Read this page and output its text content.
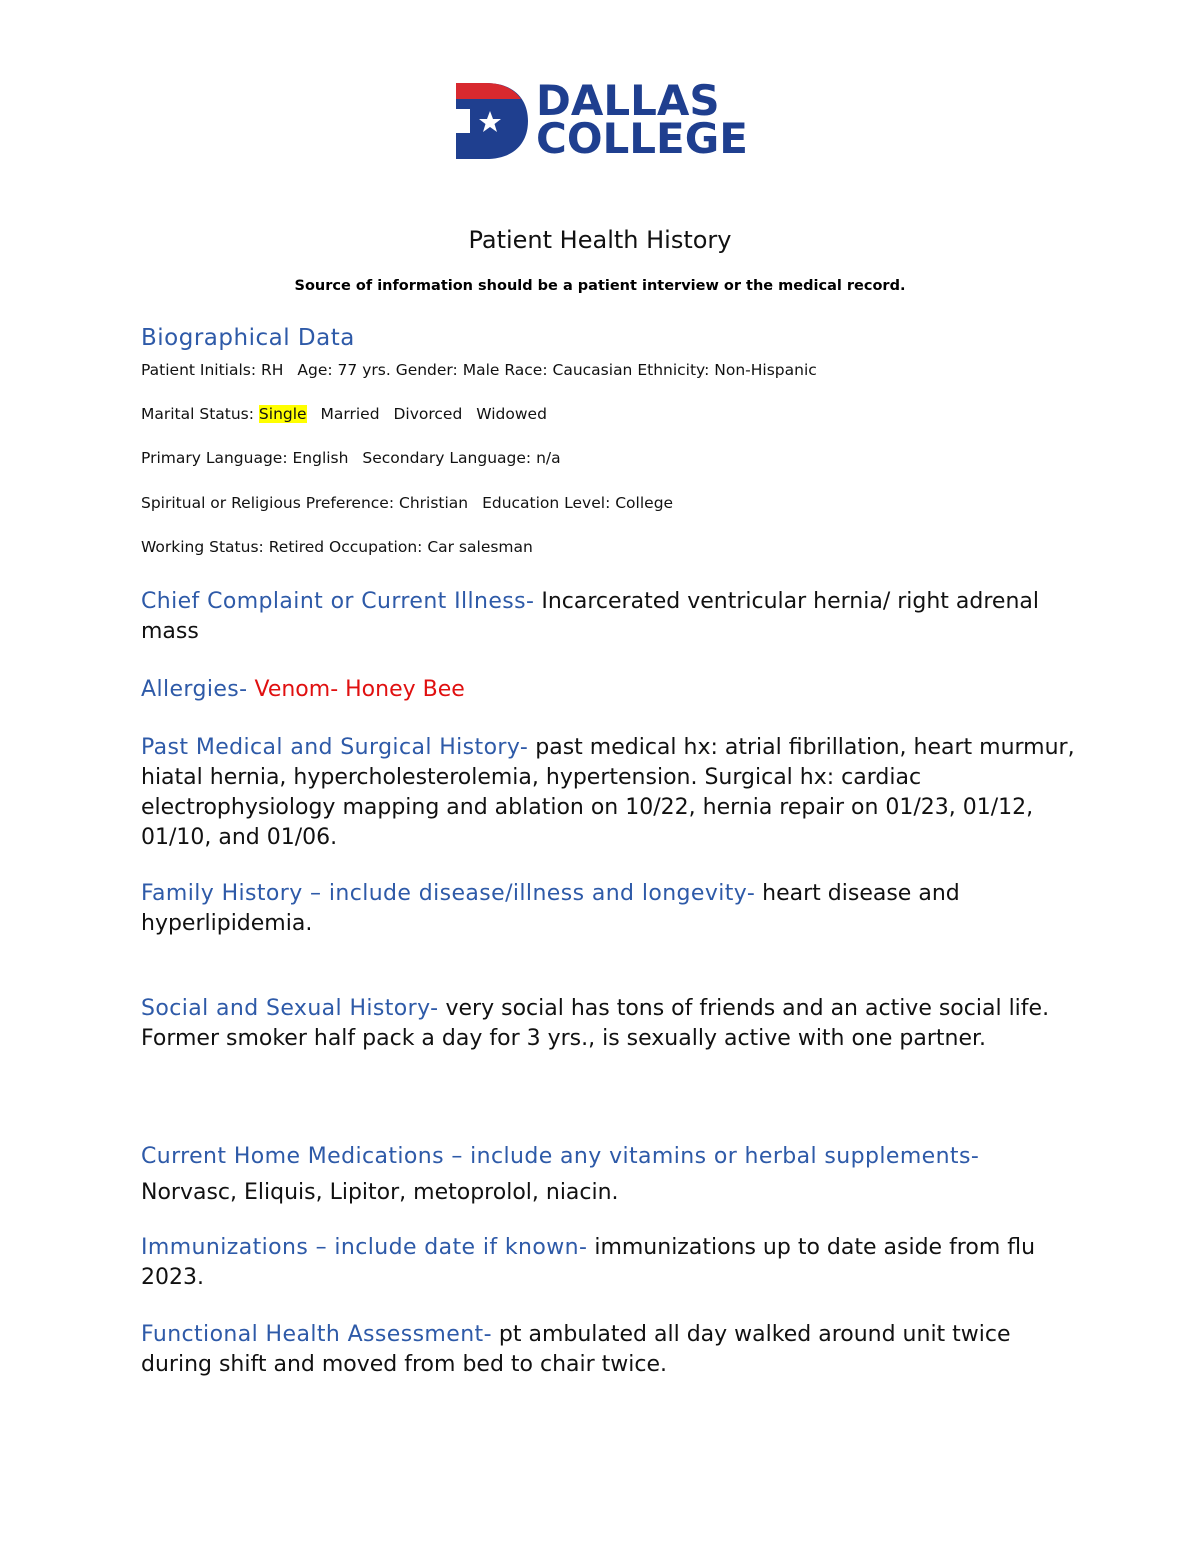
DALLAS
COLLEGE
Patient Health History
Source of information should be a patient interview or the medical record.
Biographical Data
Patient Initials: RH Age: 77 yrs. Gender: Male Race: Caucasian Ethnicity: Non-Hispanic
Marital Status: Single Married Divorced Widowed
Primary Language: English Secondary Language: n/a
Spiritual or Religious Preference: Christian Education Level: College
Working Status: Retired Occupation: Car salesman
Chief Complaint or Current Illness- Incarcerated ventricular hernia/ right adrenal mass
Allergies- Venom- Honey Bee
Past Medical and Surgical History- past medical hx: atrial fibrillation, heart murmur, hiatal hernia, hypercholesterolemia, hypertension. Surgical hx: cardiac electrophysiology mapping and ablation on 10/22, hernia repair on 01/23, 01/12, 01/10, and 01/06.
Family History – include disease/illness and longevity- heart disease and hyperlipidemia.
Social and Sexual History- very social has tons of friends and an active social life. Former smoker half pack a day for 3 yrs., is sexually active with one partner.
Current Home Medications – include any vitamins or herbal supplements- Norvasc, Eliquis, Lipitor, metoprolol, niacin.
Immunizations – include date if known- immunizations up to date aside from flu 2023.
Functional Health Assessment- pt ambulated all day walked around unit twice during shift and moved from bed to chair twice.
